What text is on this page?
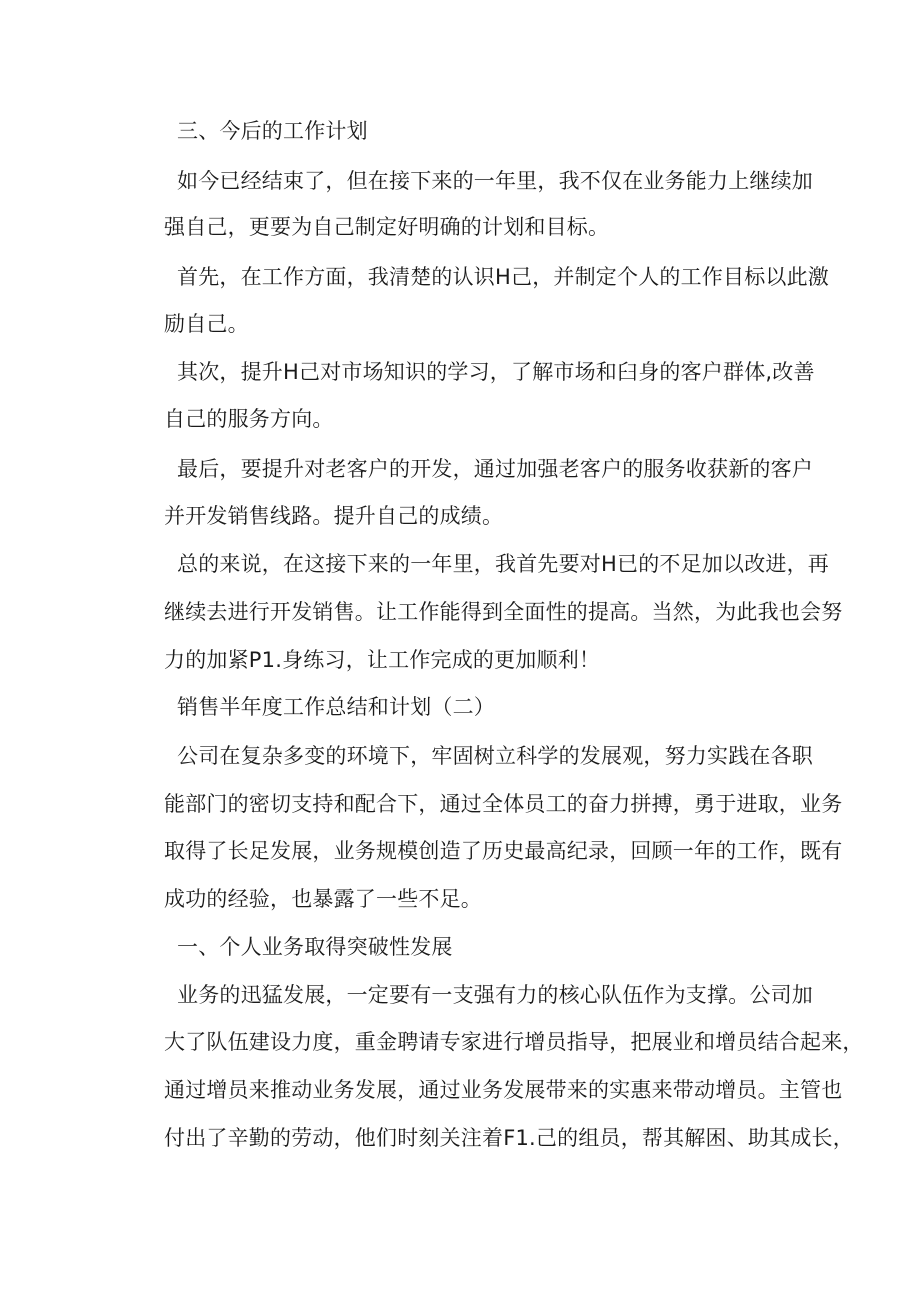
三、今后的工作计划
如今已经结束了，但在接下来的一年里，我不仅在业务能力上继续加
强自己，更要为自己制定好明确的计划和目标。
首先，在工作方面，我清楚的认识H己，并制定个人的工作目标以此激
励自己。
其次，提升H己对市场知识的学习，了解市场和臼身的客户群体,改善
自己的服务方向。
最后，要提升对老客户的开发，通过加强老客户的服务收获新的客户
并开发销售线路。提升自己的成绩。
总的来说，在这接下来的一年里，我首先要对H已的不足加以改进，再
继续去进行开发销售。让工作能得到全面性的提高。当然，为此我也会努
力的加紧P1.身练习，让工作完成的更加顺利！
销售半年度工作总结和计划（二）
公司在复杂多变的环境下，牢固树立科学的发展观，努力实践在各职
能部门的密切支持和配合下，通过全体员工的奋力拼搏，勇于进取，业务
取得了长足发展，业务规模创造了历史最高纪录，回顾一年的工作，既有
成功的经验，也暴露了一些不足。
一、个人业务取得突破性发展
业务的迅猛发展，一定要有一支强有力的核心队伍作为支撑。公司加
大了队伍建设力度，重金聘请专家进行增员指导，把展业和增员结合起来，
通过增员来推动业务发展，通过业务发展带来的实惠来带动增员。主管也
付出了辛勤的劳动，他们时刻关注着F1.己的组员，帮其解困、助其成长，
